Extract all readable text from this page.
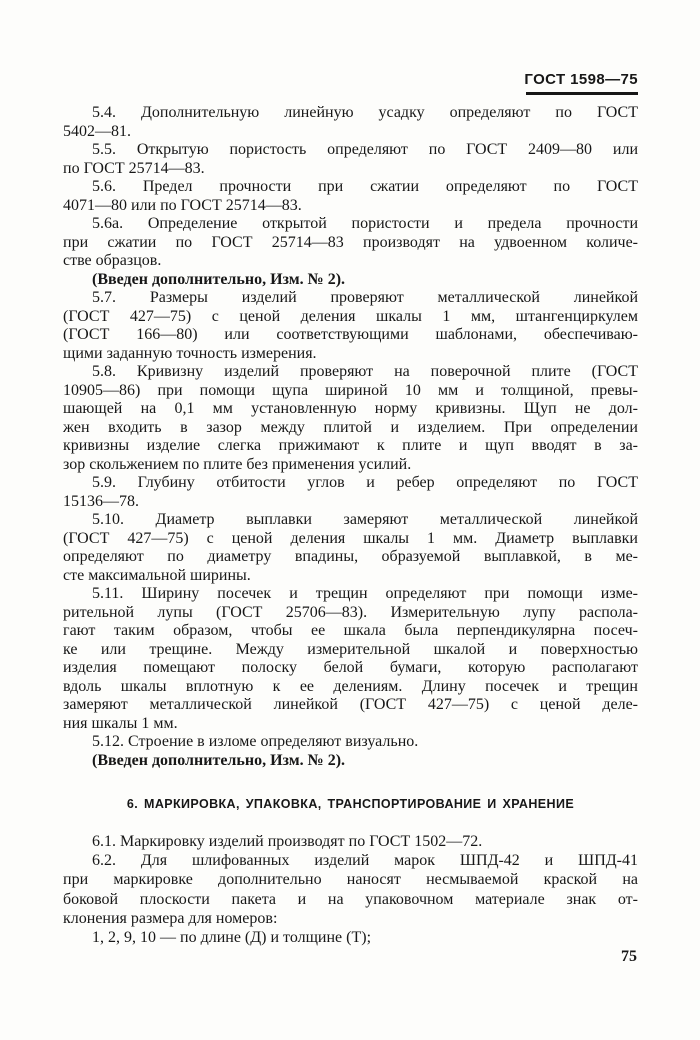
ГОСТ 1598—75
5.4. Дополнительную линейную усадку определяют по ГОСТ
5402—81.
5.5. Открытую пористость определяют по ГОСТ 2409—80 или
по ГОСТ 25714—83.
5.6. Предел прочности при сжатии определяют по ГОСТ
4071—80 или по ГОСТ 25714—83.
5.6а. Определение открытой пористости и предела прочности
при сжатии по ГОСТ 25714—83 производят на удвоенном количе-
стве образцов.
(Введен дополнительно, Изм. № 2).
5.7. Размеры изделий проверяют металлической линейкой
(ГОСТ 427—75) с ценой деления шкалы 1 мм, штангенциркулем
(ГОСТ 166—80) или соответствующими шаблонами, обеспечиваю-
щими заданную точность измерения.
5.8. Кривизну изделий проверяют на поверочной плите (ГОСТ
10905—86) при помощи щупа шириной 10 мм и толщиной, превы-
шающей на 0,1 мм установленную норму кривизны. Щуп не дол-
жен входить в зазор между плитой и изделием. При определении
кривизны изделие слегка прижимают к плите и щуп вводят в за-
зор скольжением по плите без применения усилий.
5.9. Глубину отбитости углов и ребер определяют по ГОСТ
15136—78.
5.10. Диаметр выплавки замеряют металлической линейкой
(ГОСТ 427—75) с ценой деления шкалы 1 мм. Диаметр выплавки
определяют по диаметру впадины, образуемой выплавкой, в ме-
сте максимальной ширины.
5.11. Ширину посечек и трещин определяют при помощи изме-
рительной лупы (ГОСТ 25706—83). Измерительную лупу распола-
гают таким образом, чтобы ее шкала была перпендикулярна посеч-
ке или трещине. Между измерительной шкалой и поверхностью
изделия помещают полоску белой бумаги, которую располагают
вдоль шкалы вплотную к ее делениям. Длину посечек и трещин
замеряют металлической линейкой (ГОСТ 427—75) с ценой деле-
ния шкалы 1 мм.
5.12. Строение в изломе определяют визуально.
(Введен дополнительно, Изм. № 2).
6. МАРКИРОВКА, УПАКОВКА, ТРАНСПОРТИРОВАНИЕ И ХРАНЕНИЕ
6.1. Маркировку изделий производят по ГОСТ 1502—72.
6.2. Для шлифованных изделий марок ШПД-42 и ШПД-41
при маркировке дополнительно наносят несмываемой краской на
боковой плоскости пакета и на упаковочном материале знак от-
клонения размера для номеров:
1, 2, 9, 10 — по длине (Д) и толщине (Т);
75
